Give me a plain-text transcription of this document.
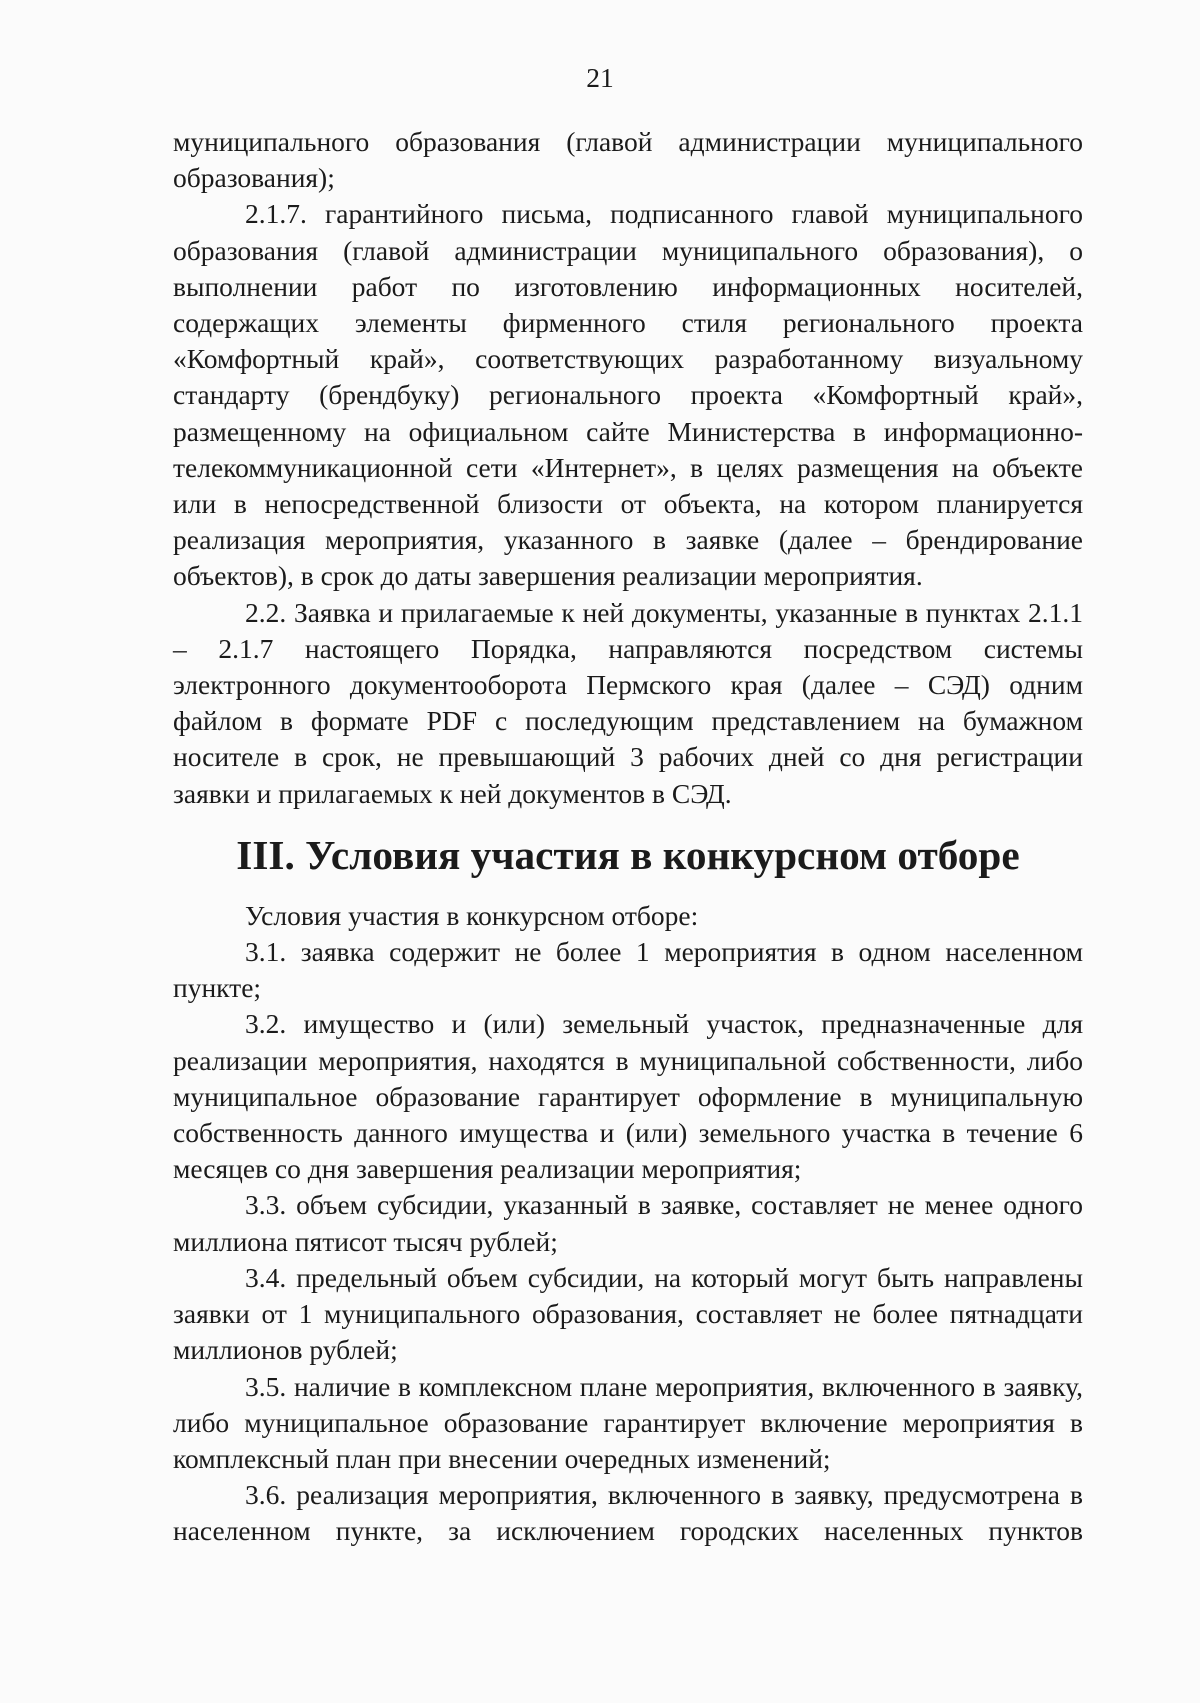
21

муниципального образования (главой администрации муниципального образования);

2.1.7. гарантийного письма, подписанного главой муниципального образования (главой администрации муниципального образования), о выполнении работ по изготовлению информационных носителей, содержащих элементы фирменного стиля регионального проекта «Комфортный край», соответствующих разработанному визуальному стандарту (брендбуку) регионального проекта «Комфортный край», размещенному на официальном сайте Министерства в информационно-телекоммуникационной сети «Интернет», в целях размещения на объекте или в непосредственной близости от объекта, на котором планируется реализация мероприятия, указанного в заявке (далее – брендирование объектов), в срок до даты завершения реализации мероприятия.

2.2. Заявка и прилагаемые к ней документы, указанные в пунктах 2.1.1 – 2.1.7 настоящего Порядка, направляются посредством системы электронного документооборота Пермского края (далее – СЭД) одним файлом в формате PDF с последующим представлением на бумажном носителе в срок, не превышающий 3 рабочих дней со дня регистрации заявки и прилагаемых к ней документов в СЭД.

III. Условия участия в конкурсном отборе

Условия участия в конкурсном отборе:

3.1. заявка содержит не более 1 мероприятия в одном населенном пункте;

3.2. имущество и (или) земельный участок, предназначенные для реализации мероприятия, находятся в муниципальной собственности, либо муниципальное образование гарантирует оформление в муниципальную собственность данного имущества и (или) земельного участка в течение 6 месяцев со дня завершения реализации мероприятия;

3.3. объем субсидии, указанный в заявке, составляет не менее одного миллиона пятисот тысяч рублей;

3.4. предельный объем субсидии, на который могут быть направлены заявки от 1 муниципального образования, составляет не более пятнадцати миллионов рублей;

3.5. наличие в комплексном плане мероприятия, включенного в заявку, либо муниципальное образование гарантирует включение мероприятия в комплексный план при внесении очередных изменений;

3.6. реализация мероприятия, включенного в заявку, предусмотрена в населенном пункте, за исключением городских населенных пунктов
